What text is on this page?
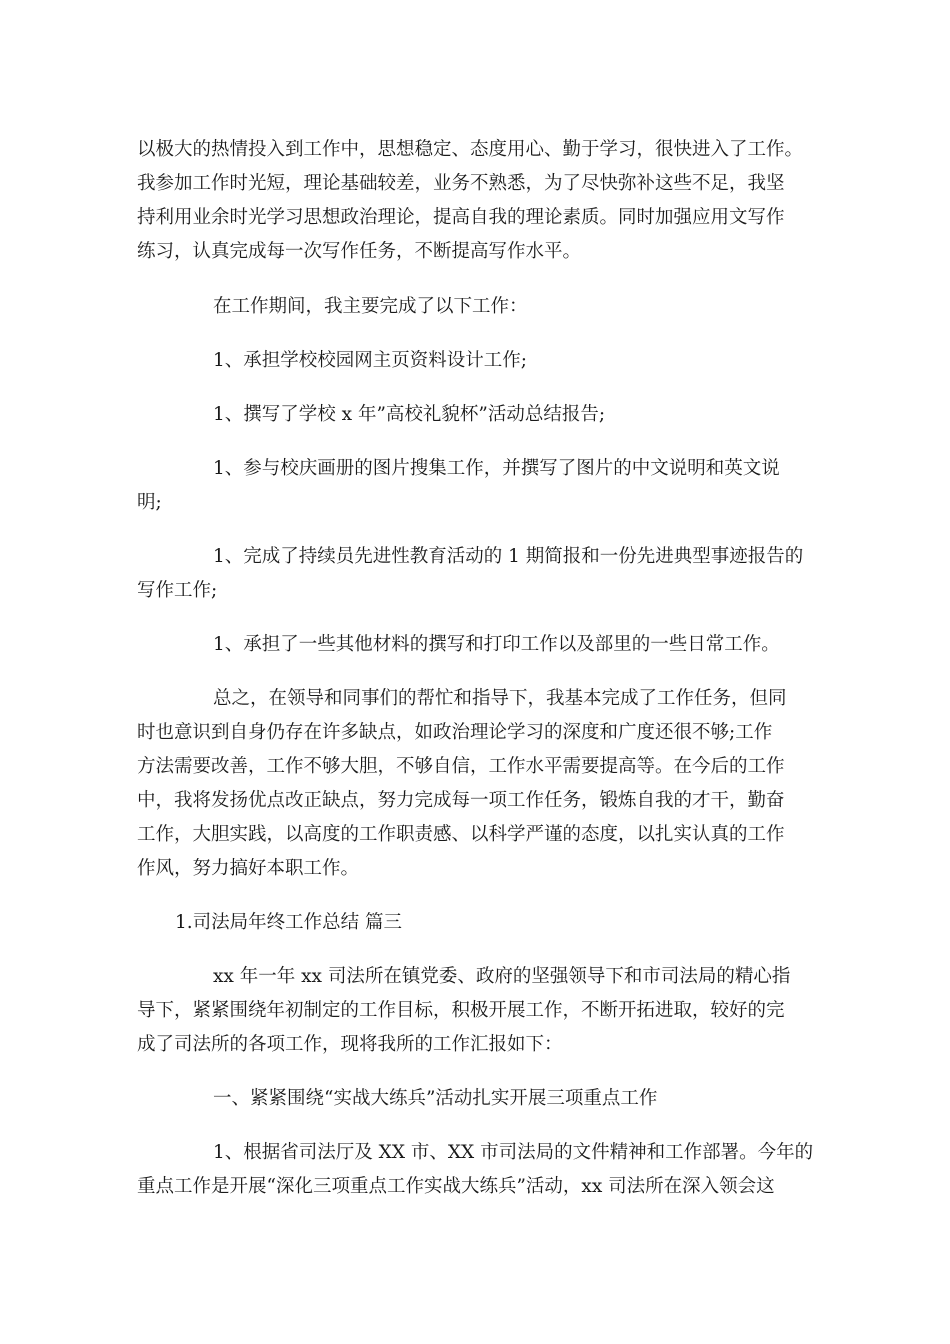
以极大的热情投入到工作中，思想稳定、态度用心、勤于学习，很快进入了工作。

我参加工作时光短，理论基础较差，业务不熟悉，为了尽快弥补这些不足，我坚

持利用业余时光学习思想政治理论，提高自我的理论素质。同时加强应用文写作

练习，认真完成每一次写作任务，不断提高写作水平。

在工作期间，我主要完成了以下工作：

1、承担学校校园网主页资料设计工作;

1、撰写了学校 x 年”高校礼貌杯”活动总结报告;

1、参与校庆画册的图片搜集工作，并撰写了图片的中文说明和英文说

明;

1、完成了持续员先进性教育活动的 1 期简报和一份先进典型事迹报告的

写作工作;

1、承担了一些其他材料的撰写和打印工作以及部里的一些日常工作。

总之，在领导和同事们的帮忙和指导下，我基本完成了工作任务，但同

时也意识到自身仍存在许多缺点，如政治理论学习的深度和广度还很不够;工作

方法需要改善，工作不够大胆，不够自信，工作水平需要提高等。在今后的工作

中，我将发扬优点改正缺点，努力完成每一项工作任务，锻炼自我的才干，勤奋

工作，大胆实践，以高度的工作职责感、以科学严谨的态度，以扎实认真的工作

作风，努力搞好本职工作。

1.司法局年终工作总结 篇三

xx 年一年 xx 司法所在镇党委、政府的坚强领导下和市司法局的精心指

导下，紧紧围绕年初制定的工作目标，积极开展工作，不断开拓进取，较好的完

成了司法所的各项工作，现将我所的工作汇报如下：

一、紧紧围绕“实战大练兵”活动扎实开展三项重点工作

1、根据省司法厅及 XX 市、XX 市司法局的文件精神和工作部署。今年的

重点工作是开展“深化三项重点工作实战大练兵”活动，xx 司法所在深入领会这
